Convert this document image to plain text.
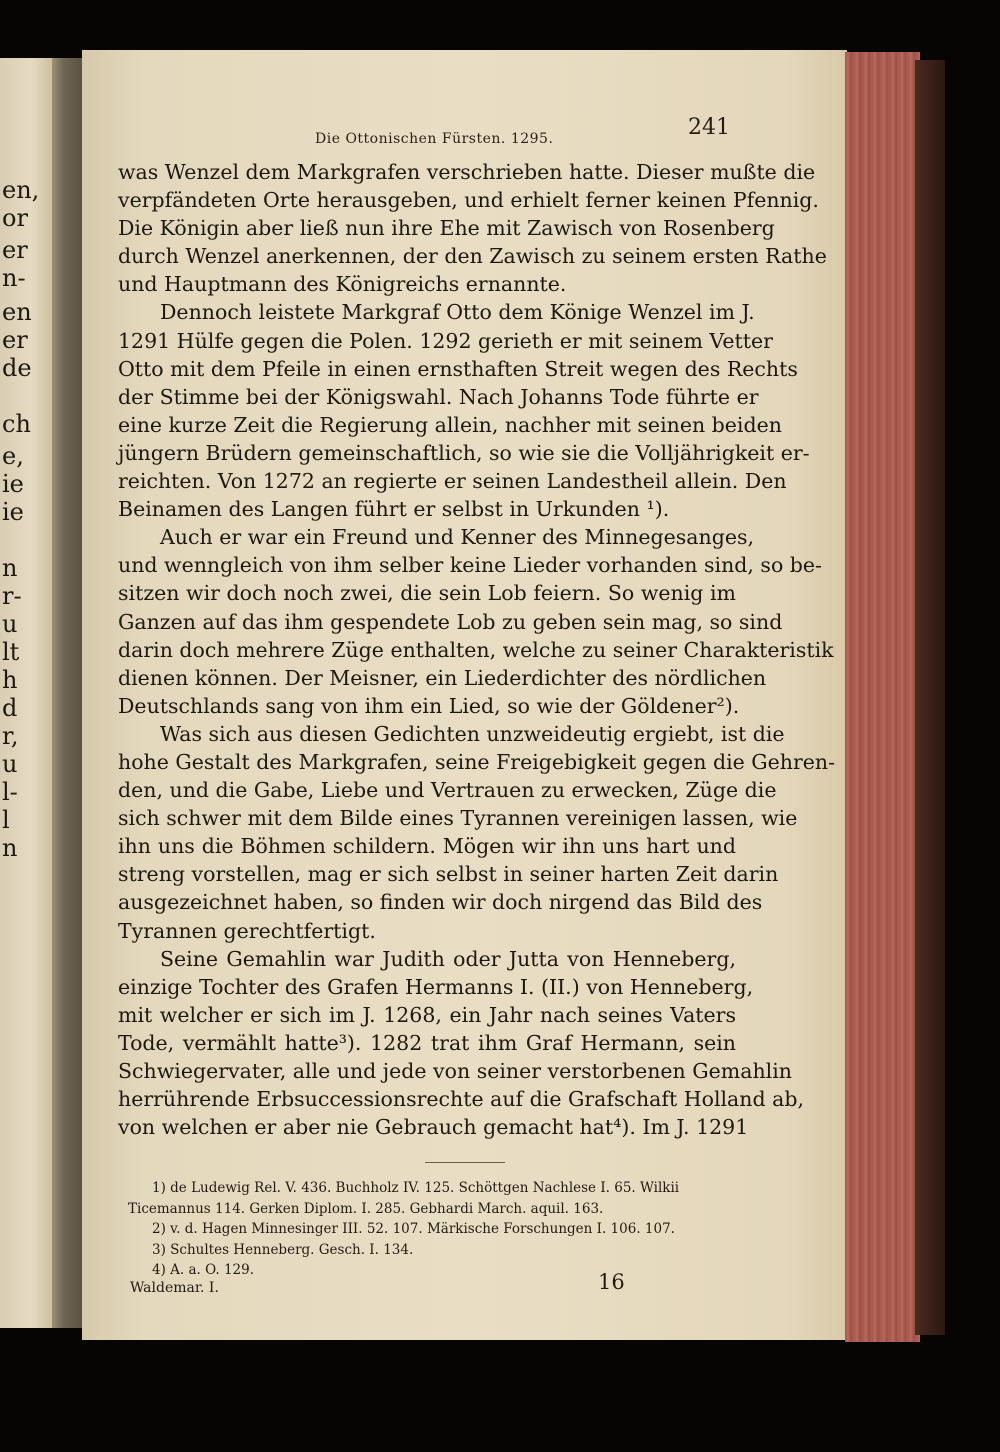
en,
or
er
n-
en
er
de
ch
e,
ie
ie
n
r-
u
lt
h
d
r,
u
l-
l
n
Die Ottonischen Fürsten. 1295.	241
was Wenzel dem Markgrafen verschrieben hatte. Dieser mußte die
verpfändeten Orte herausgeben, und erhielt ferner keinen Pfennig.
Die Königin aber ließ nun ihre Ehe mit Zawisch von Rosenberg
durch Wenzel anerkennen, der den Zawisch zu seinem ersten Rathe
und Hauptmann des Königreichs ernannte.
Dennoch leistete Markgraf Otto dem Könige Wenzel im J.
1291 Hülfe gegen die Polen. 1292 gerieth er mit seinem Vetter
Otto mit dem Pfeile in einen ernsthaften Streit wegen des Rechts
der Stimme bei der Königswahl. Nach Johanns Tode führte er
eine kurze Zeit die Regierung allein, nachher mit seinen beiden
jüngern Brüdern gemeinschaftlich, so wie sie die Volljährigkeit er-
reichten. Von 1272 an regierte er seinen Landestheil allein. Den
Beinamen des Langen führt er selbst in Urkunden ¹).
Auch er war ein Freund und Kenner des Minnegesanges,
und wenngleich von ihm selber keine Lieder vorhanden sind, so be-
sitzen wir doch noch zwei, die sein Lob feiern. So wenig im
Ganzen auf das ihm gespendete Lob zu geben sein mag, so sind
darin doch mehrere Züge enthalten, welche zu seiner Charakteristik
dienen können. Der Meisner, ein Liederdichter des nördlichen
Deutschlands sang von ihm ein Lied, so wie der Göldener²).
Was sich aus diesen Gedichten unzweideutig ergiebt, ist die
hohe Gestalt des Markgrafen, seine Freigebigkeit gegen die Gehren-
den, und die Gabe, Liebe und Vertrauen zu erwecken, Züge die
sich schwer mit dem Bilde eines Tyrannen vereinigen lassen, wie
ihn uns die Böhmen schildern. Mögen wir ihn uns hart und
streng vorstellen, mag er sich selbst in seiner harten Zeit darin
ausgezeichnet haben, so finden wir doch nirgend das Bild des
Tyrannen gerechtfertigt.
Seine Gemahlin war Judith oder Jutta von Henneberg,
einzige Tochter des Grafen Hermanns I. (II.) von Henneberg,
mit welcher er sich im J. 1268, ein Jahr nach seines Vaters
Tode, vermählt hatte³). 1282 trat ihm Graf Hermann, sein
Schwiegervater, alle und jede von seiner verstorbenen Gemahlin
herrührende Erbsuccessionsrechte auf die Grafschaft Holland ab,
von welchen er aber nie Gebrauch gemacht hat⁴). Im J. 1291
1) de Ludewig Rel. V. 436. Buchholz IV. 125. Schöttgen Nachlese I. 65. Wilkii
Ticemannus 114. Gerken Diplom. I. 285. Gebhardi March. aquil. 163.
2) v. d. Hagen Minnesinger III. 52. 107. Märkische Forschungen I. 106. 107.
3) Schultes Henneberg. Gesch. I. 134.
4) A. a. O. 129.
Waldemar. I.	16
